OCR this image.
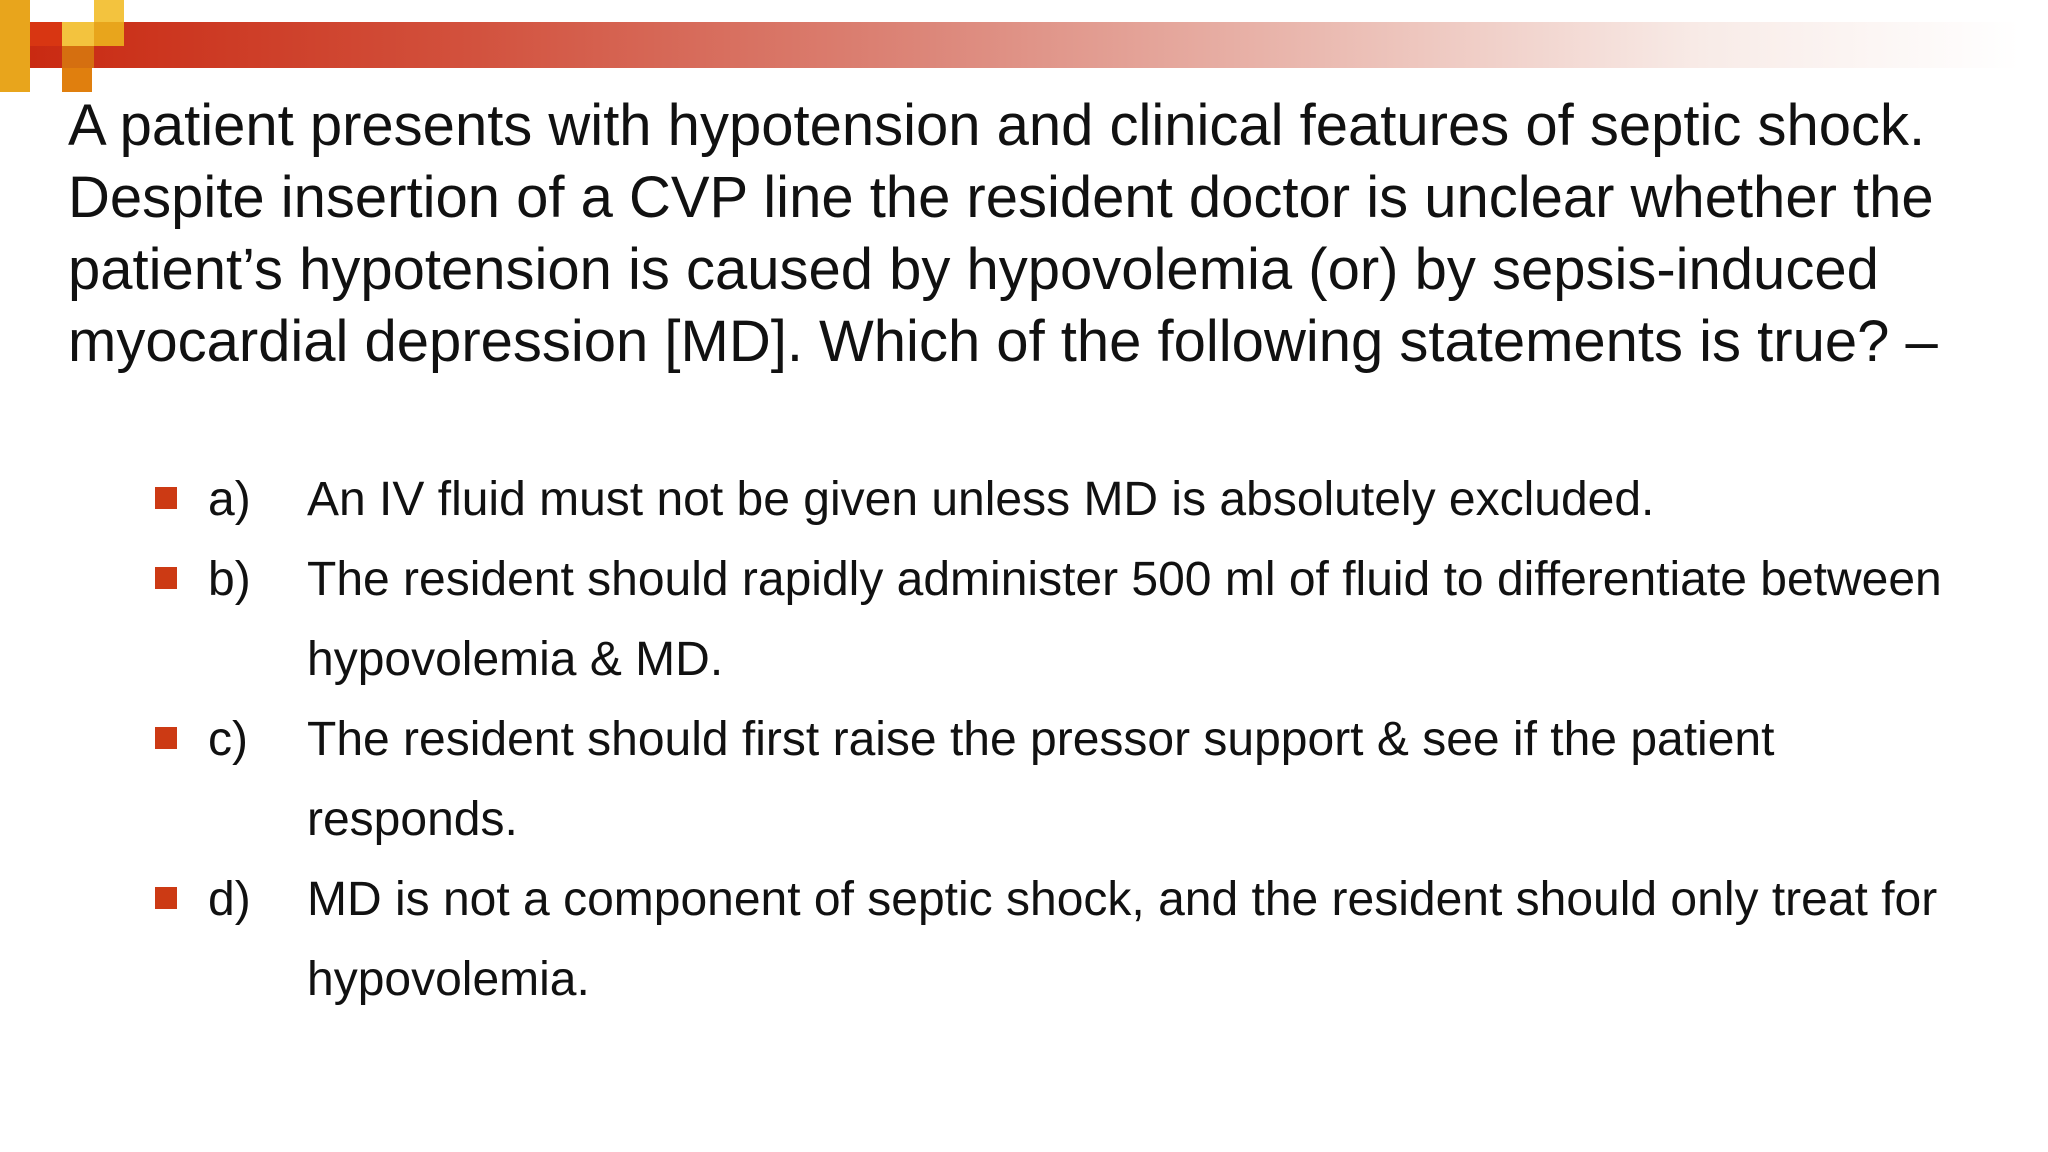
A patient presents with hypotension and clinical features of septic shock. Despite insertion of a CVP line the resident doctor is unclear whether the patient’s hypotension is caused by hypovolemia (or) by sepsis-induced myocardial depression [MD]. Which of the following statements is true? –

a) An IV fluid must not be given unless MD is absolutely excluded.
b) The resident should rapidly administer 500 ml of fluid to differentiate between hypovolemia & MD.
c) The resident should first raise the pressor support & see if the patient responds.
d) MD is not a component of septic shock, and the resident should only treat for hypovolemia.
